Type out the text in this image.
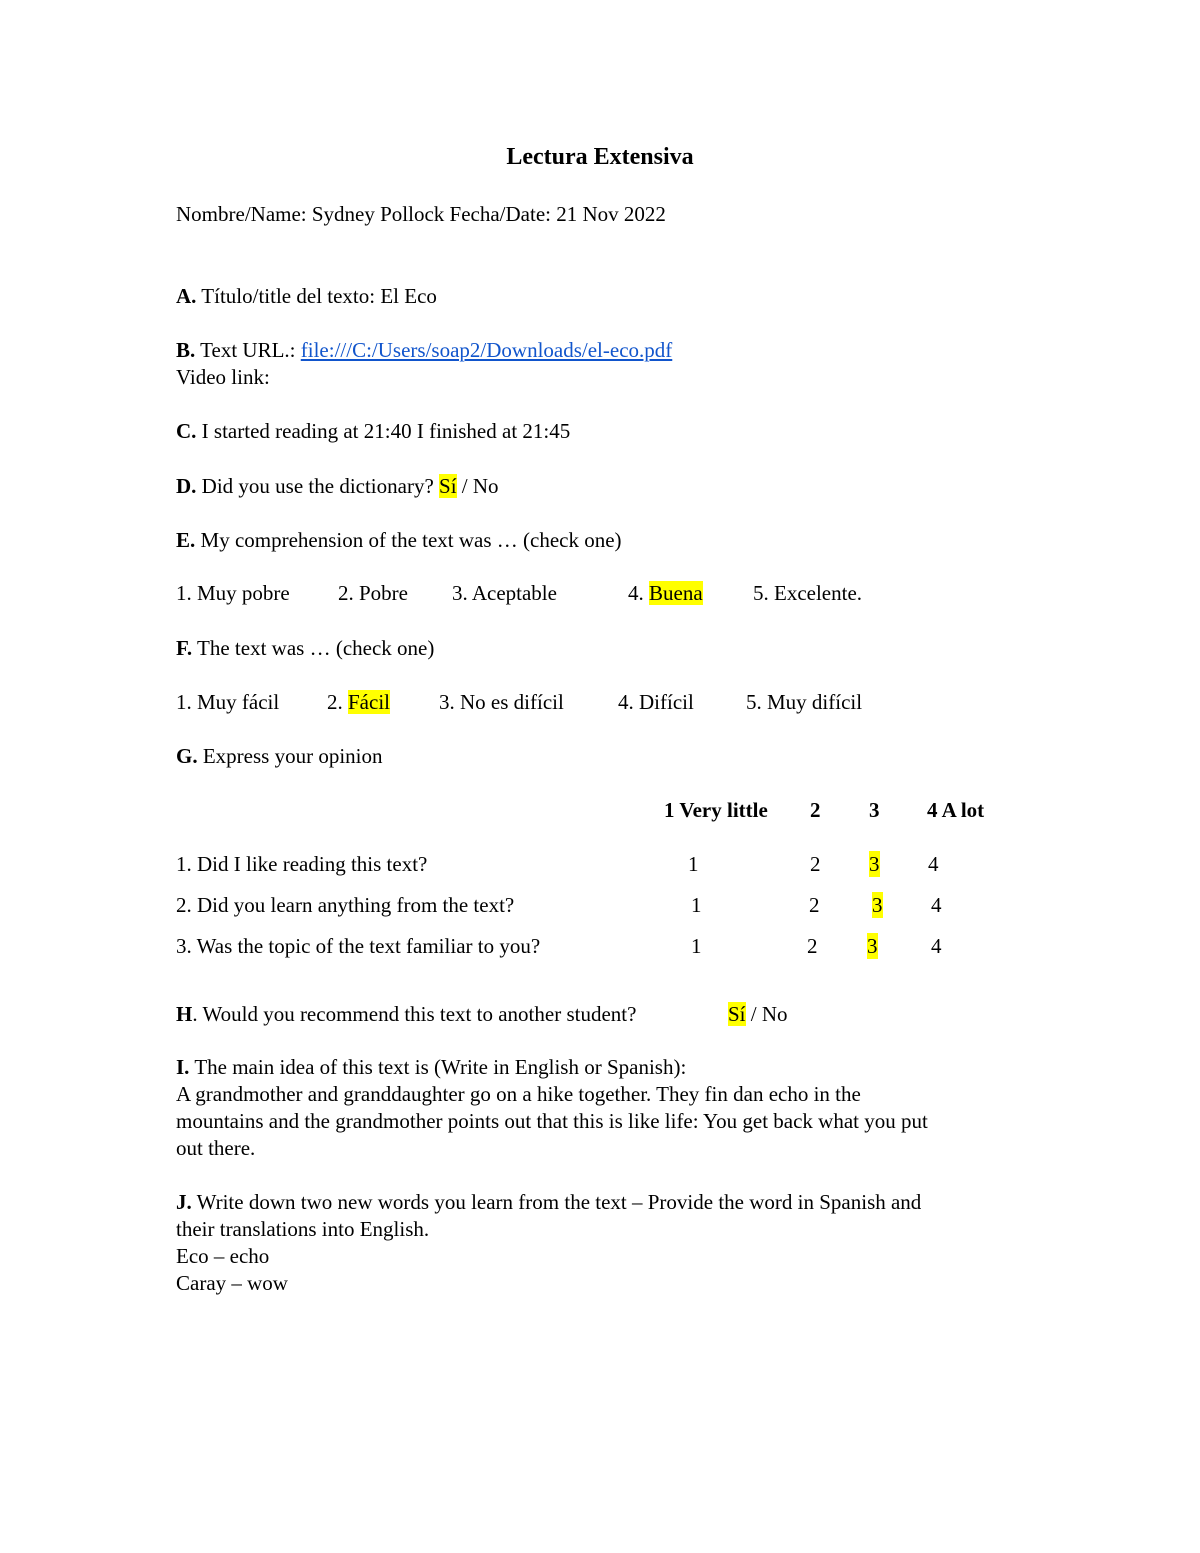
Lectura Extensiva
Nombre/Name: Sydney Pollock Fecha/Date: 21 Nov 2022
A. Título/title del texto: El Eco
B. Text URL.: file:///C:/Users/soap2/Downloads/el-eco.pdf
Video link:
C. I started reading at 21:40 I finished at 21:45
D. Did you use the dictionary? Sí / No
E. My comprehension of the text was … (check one)
1. Muy pobre 2. Pobre 3. Aceptable	4. Buena 5. Excelente.
F. The text was … (check one)
1. Muy fácil 2. Fácil 3. No es difícil	4. Difícil 5. Muy difícil
G. Express your opinion
1 Very little 2 3 4 A lot
1. Did I like reading this text?	1	2 3 4
2. Did you learn anything from the text?	1	2	3 4
3. Was the topic of the text familiar to you?	1	2 3	4
H. Would you recommend this text to another student?	Sí / No
I. The main idea of this text is (Write in English or Spanish):
A grandmother and granddaughter go on a hike together. They fin dan echo in the
mountains and the grandmother points out that this is like life: You get back what you put
out there.
J. Write down two new words you learn from the text – Provide the word in Spanish and
their translations into English.
Eco – echo
Caray – wow
